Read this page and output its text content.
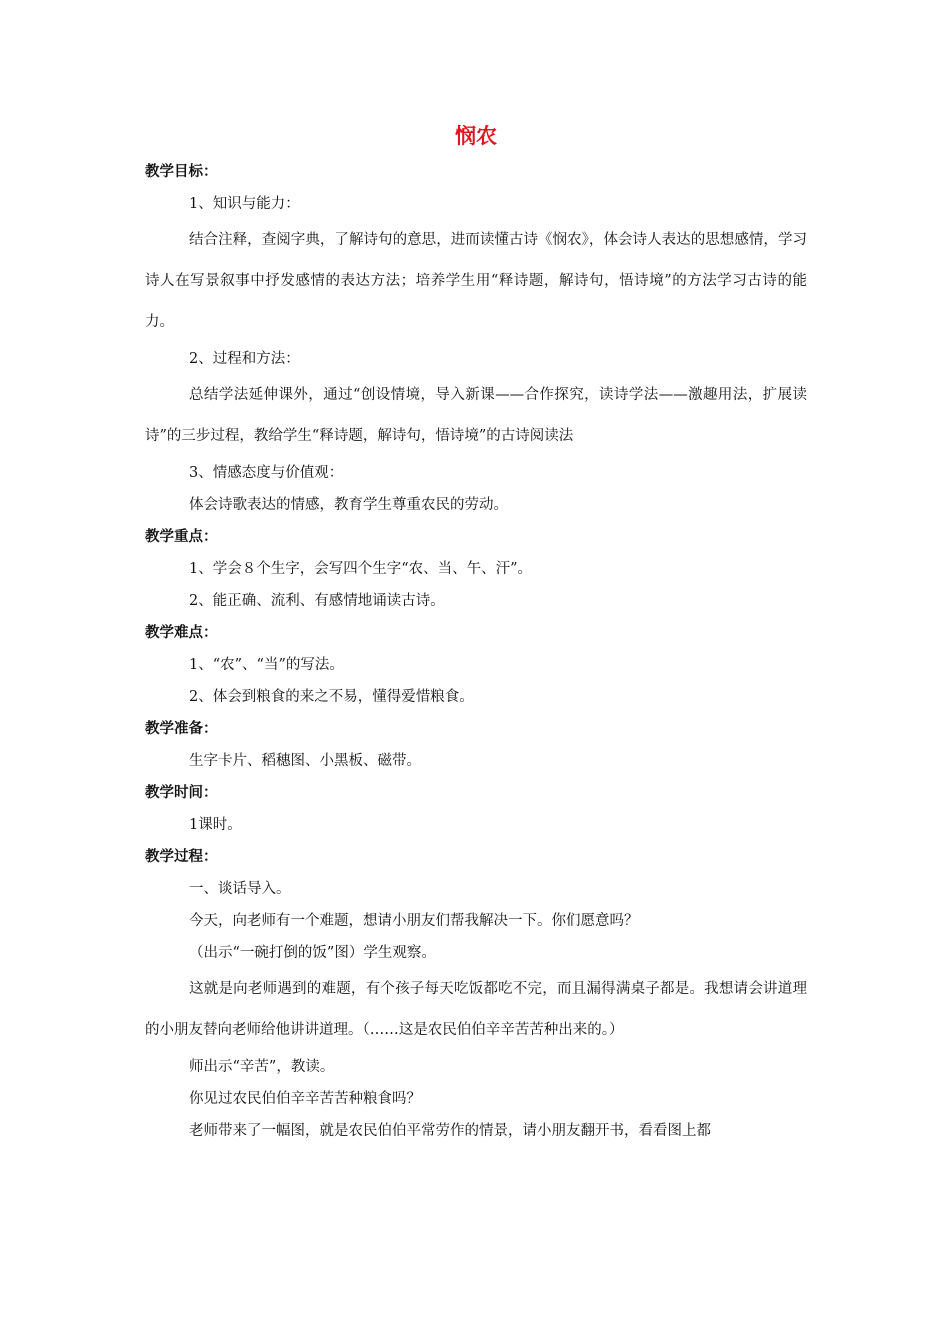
悯农
教学目标：
1、知识与能力：
结合注释，查阅字典，了解诗句的意思，进而读懂古诗《悯农》，体会诗人表达的思想感情，学习诗人在写景叙事中抒发感情的表达方法；培养学生用“释诗题，解诗句，悟诗境”的方法学习古诗的能力。
2、过程和方法：
总结学法延伸课外，通过“创设情境，导入新课——合作探究，读诗学法——激趣用法，扩展读诗”的三步过程，教给学生“释诗题，解诗句，悟诗境”的古诗阅读法
3、情感态度与价值观：
体会诗歌表达的情感，教育学生尊重农民的劳动。
教学重点：
1、学会８个生字，会写四个生字“农、当、午、汗”。
2、能正确、流利、有感情地诵读古诗。
教学难点：
1、“农”、“当”的写法。
2、体会到粮食的来之不易，懂得爱惜粮食。
教学准备：
生字卡片、稻穗图、小黑板、磁带。
教学时间：
1课时。
教学过程：
一、谈话导入。
今天，向老师有一个难题，想请小朋友们帮我解决一下。你们愿意吗？
（出示“一碗打倒的饭”图）学生观察。
这就是向老师遇到的难题，有个孩子每天吃饭都吃不完，而且漏得满桌子都是。我想请会讲道理的小朋友替向老师给他讲讲道理。（……这是农民伯伯辛辛苦苦种出来的。）
师出示“辛苦”，教读。
你见过农民伯伯辛辛苦苦种粮食吗？
老师带来了一幅图，就是农民伯伯平常劳作的情景，请小朋友翻开书，看看图上都
